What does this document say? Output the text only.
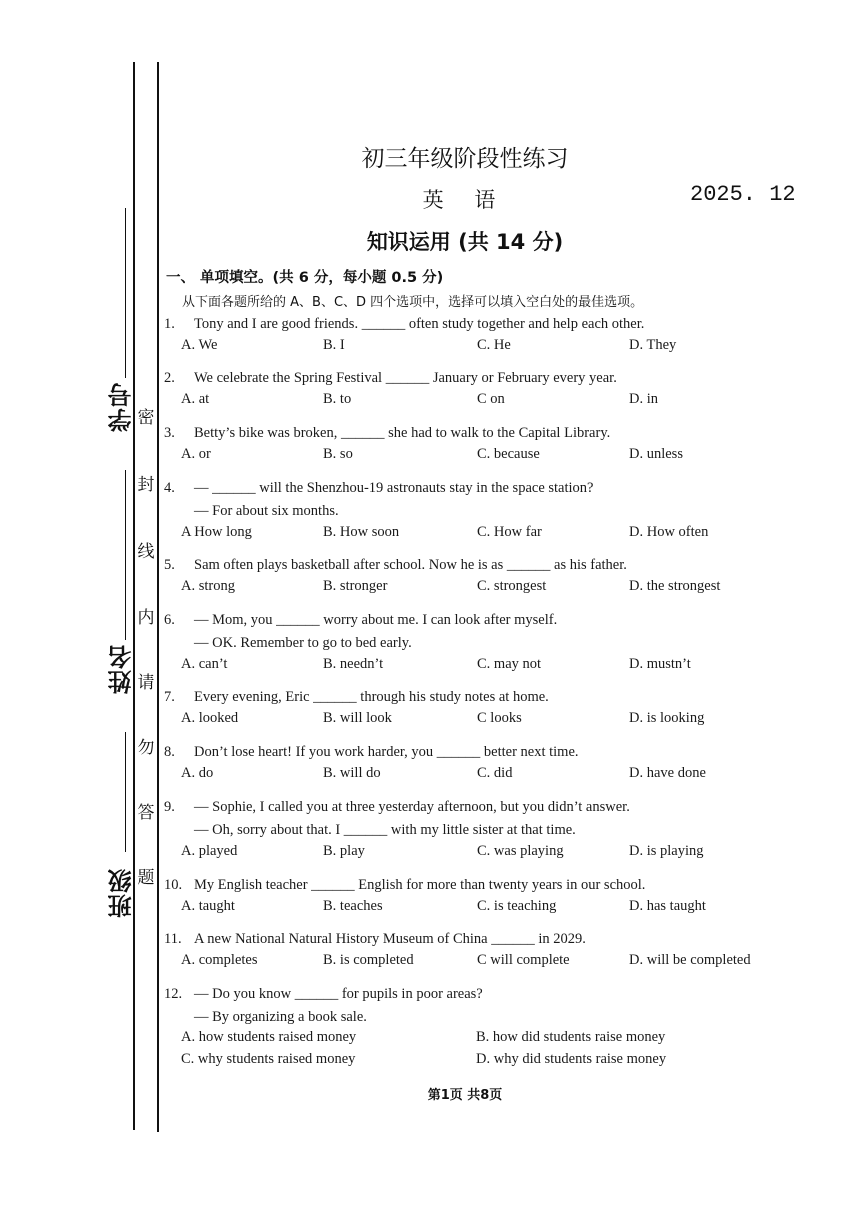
学号
姓名
班级
密
封
线
内
请
勿
答
题
初三年级阶段性练习
英 语	2025. 12
知识运用 (共 14 分)
一、 单项填空。(共 6 分，每小题 0.5 分)
从下面各题所给的 A、B、C、D 四个选项中，选择可以填入空白处的最佳选项。
1. Tony and I are good friends. ______ often study together and help each other.
A. We	B. I	C. He	D. They
2. We celebrate the Spring Festival ______ January or February every year.
A. at	B. to	C on	D. in
3. Betty’s bike was broken, ______ she had to walk to the Capital Library.
A. or	B. so	C. because	D. unless
4. — ______ will the Shenzhou-19 astronauts stay in the space station?
— For about six months.
A How long	B. How soon	C. How far	D. How often
5. Sam often plays basketball after school. Now he is as ______ as his father.
A. strong	B. stronger	C. strongest	D. the strongest
6. — Mom, you ______ worry about me. I can look after myself.
— OK. Remember to go to bed early.
A. can’t	B. needn’t	C. may not	D. mustn’t
7. Every evening, Eric ______ through his study notes at home.
A. looked	B. will look	C looks	D. is looking
8. Don’t lose heart! If you work harder, you ______ better next time.
A. do	B. will do	C. did	D. have done
9. — Sophie, I called you at three yesterday afternoon, but you didn’t answer.
— Oh, sorry about that. I ______ with my little sister at that time.
A. played	B. play	C. was playing	D. is playing
10. My English teacher ______ English for more than twenty years in our school.
A. taught	B. teaches	C. is teaching	D. has taught
11. A new National Natural History Museum of China ______ in 2029.
A. completes	B. is completed	C will complete	D. will be completed
12. — Do you know ______ for pupils in poor areas?
— By organizing a book sale.
A. how students raised money	B. how did students raise money
C. why students raised money	D. why did students raise money
第1页 共8页
